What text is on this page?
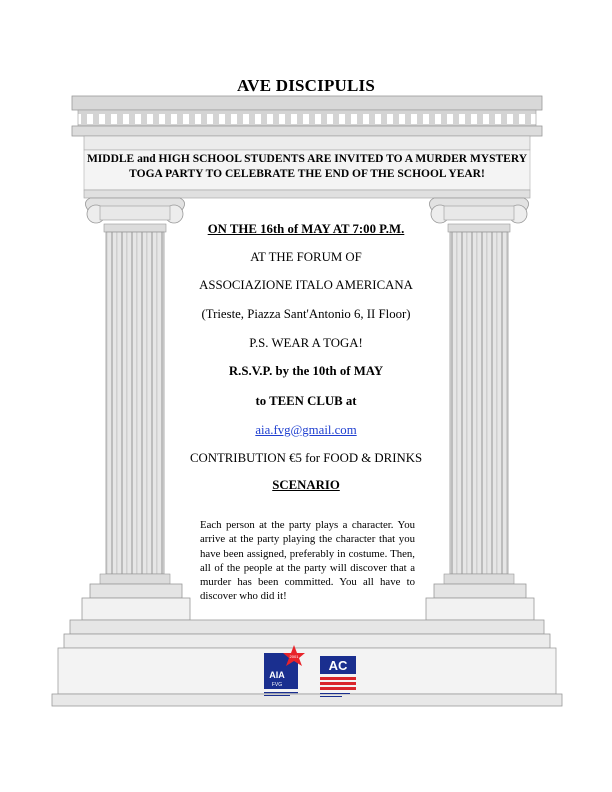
AVE DISCIPULIS
MIDDLE and HIGH SCHOOL STUDENTS ARE INVITED TO A MURDER MYSTERY TOGA PARTY TO CELEBRATE THE END OF THE SCHOOL YEAR!
ON THE 16th of MAY AT 7:00 P.M.
AT THE FORUM OF
ASSOCIAZIONE ITALO AMERICANA
(Trieste, Piazza Sant'Antonio 6, II Floor)
P.S. WEAR A TOGA!
R.S.V.P. by the 10th of MAY
to TEEN CLUB at
aia.fvg@gmail.com
CONTRIBUTION €5 for FOOD & DRINKS
SCENARIO
Each person at the party plays a character. You arrive at the party playing the character that you have been assigned, preferably in costume. Then, all of the people at the party will discover that a murder has been committed. You all have to discover who did it!
2001
AIA
FVG
AC
